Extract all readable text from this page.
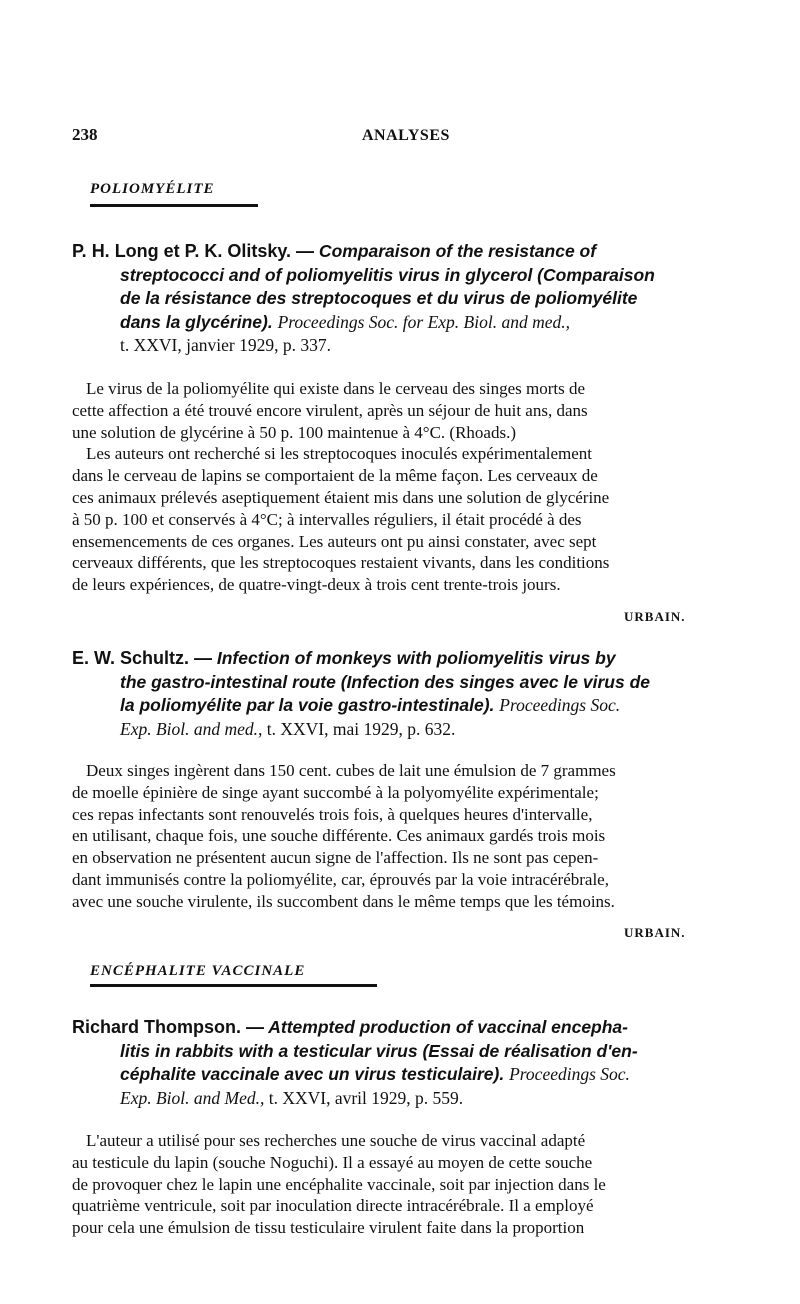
238	ANALYSES
POLIOMYÉLITE
P. H. Long et P. K. Olitsky. — Comparaison of the resistance of
streptococci and of poliomyelitis virus in glycerol (Comparaison
de la résistance des streptocoques et du virus de poliomyélite
dans la glycérine). Proceedings Soc. for Exp. Biol. and med.,
t. XXVI, janvier 1929, p. 337.
Le virus de la poliomyélite qui existe dans le cerveau des singes morts de
cette affection a été trouvé encore virulent, après un séjour de huit ans, dans
une solution de glycérine à 50 p. 100 maintenue à 4°C. (Rhoads.)
Les auteurs ont recherché si les streptocoques inoculés expérimentalement
dans le cerveau de lapins se comportaient de la même façon. Les cerveaux de
ces animaux prélevés aseptiquement étaient mis dans une solution de glycérine
à 50 p. 100 et conservés à 4°C; à intervalles réguliers, il était procédé à des
ensemencements de ces organes. Les auteurs ont pu ainsi constater, avec sept
cerveaux différents, que les streptocoques restaient vivants, dans les conditions
de leurs expériences, de quatre-vingt-deux à trois cent trente-trois jours.
URBAIN.
E. W. Schultz. — Infection of monkeys with poliomyelitis virus by
the gastro-intestinal route (Infection des singes avec le virus de
la poliomyélite par la voie gastro-intestinale). Proceedings Soc.
Exp. Biol. and med., t. XXVI, mai 1929, p. 632.
Deux singes ingèrent dans 150 cent. cubes de lait une émulsion de 7 grammes
de moelle épinière de singe ayant succombé à la polyomyélite expérimentale;
ces repas infectants sont renouvelés trois fois, à quelques heures d'intervalle,
en utilisant, chaque fois, une souche différente. Ces animaux gardés trois mois
en observation ne présentent aucun signe de l'affection. Ils ne sont pas cepen-
dant immunisés contre la poliomyélite, car, éprouvés par la voie intracérébrale,
avec une souche virulente, ils succombent dans le même temps que les témoins.
URBAIN.
ENCÉPHALITE VACCINALE
Richard Thompson. — Attempted production of vaccinal encepha-
litis in rabbits with a testicular virus (Essai de réalisation d'en-
céphalite vaccinale avec un virus testiculaire). Proceedings Soc.
Exp. Biol. and Med., t. XXVI, avril 1929, p. 559.
L'auteur a utilisé pour ses recherches une souche de virus vaccinal adapté
au testicule du lapin (souche Noguchi). Il a essayé au moyen de cette souche
de provoquer chez le lapin une encéphalite vaccinale, soit par injection dans le
quatrième ventricule, soit par inoculation directe intracérébrale. Il a employé
pour cela une émulsion de tissu testiculaire virulent faite dans la proportion
